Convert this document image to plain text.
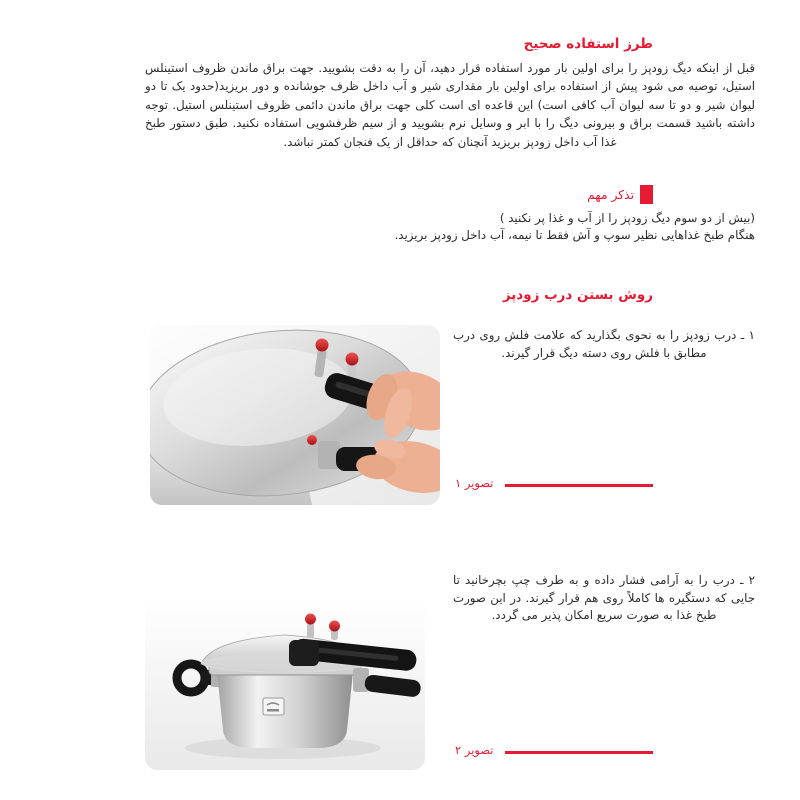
طرز استفاده صحیح
قبل از اینکه دیگ زودپز را برای اولین بار مورد استفاده قرار دهید، آن را به دقت بشویید. جهت براق ماندن ظروف استینلس استیل، توصیه می شود پیش از استفاده برای اولین بار مقداری شیر و آب داخل ظرف جوشانده و دور بریزید(حدود یک تا دو لیوان شیر و دو تا سه لیوان آب کافی است) این قاعده ای است کلی جهت براق ماندن دائمی ظروف استینلس استیل. توجه داشته باشید قسمت براق و بیرونی دیگ را با ابر و وسایل نرم بشویید و از سیم ظرفشویی استفاده نکنید. طبق دستور طبخ غذا آب داخل زودپز بریزید آنچنان که حداقل از یک فنجان کمتر نباشد.
تذکر مهم
(بیش از دو سوم دیگ زودپز را از آب و غذا پر نکنید )
هنگام طبخ غذاهایی نظیر سوپ و آش فقط تا نیمه، آب داخل زودپز بریزید.
روش بستن درب زودپز
۱ ـ درب زودپز را به نحوی بگذارید که علامت فلش روی درب مطابق با فلش روی دسته دیگ قرار گیرند.
تصویر ۱
۲ ـ درب را به آرامی فشار داده و به طرف چپ بچرخانید تا جایی که دستگیره ها کاملاً روی هم قرار گیرند. در این صورت طبخ غذا به صورت سریع امکان پذیر می گردد.
تصویر ۲
